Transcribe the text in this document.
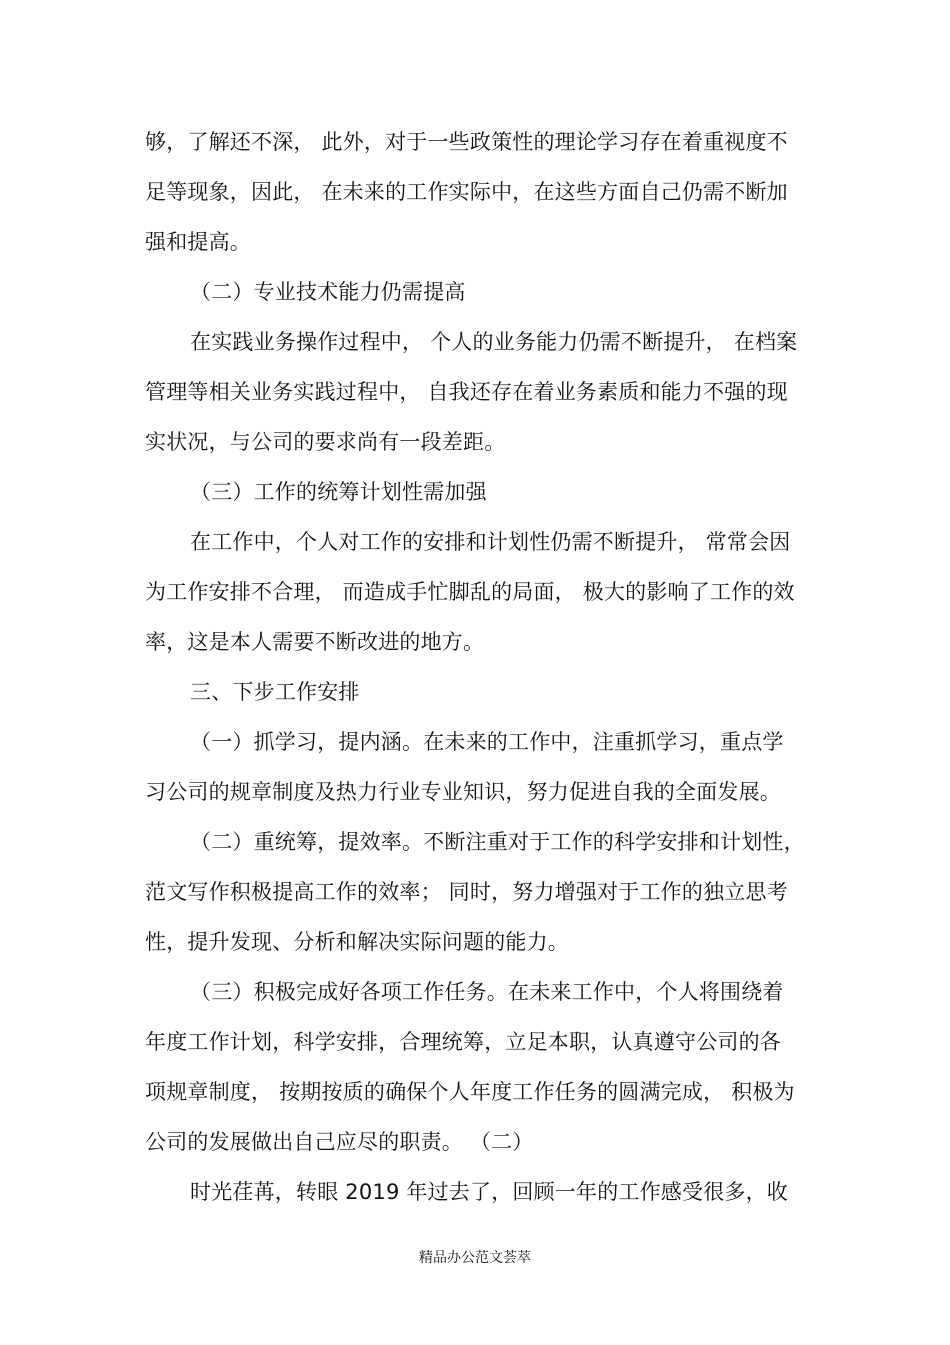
够，了解还不深， 此外，对于一些政策性的理论学习存在着重视度不

足等现象，因此， 在未来的工作实际中，在这些方面自己仍需不断加

强和提高。

（二）专业技术能力仍需提高

在实践业务操作过程中， 个人的业务能力仍需不断提升， 在档案

管理等相关业务实践过程中， 自我还存在着业务素质和能力不强的现

实状况，与公司的要求尚有一段差距。

（三）工作的统筹计划性需加强

在工作中，个人对工作的安排和计划性仍需不断提升， 常常会因

为工作安排不合理， 而造成手忙脚乱的局面， 极大的影响了工作的效

率，这是本人需要不断改进的地方。

三、下步工作安排

（一）抓学习，提内涵。在未来的工作中，注重抓学习，重点学

习公司的规章制度及热力行业专业知识，努力促进自我的全面发展。

（二）重统筹，提效率。不断注重对于工作的科学安排和计划性，

范文写作积极提高工作的效率； 同时，努力增强对于工作的独立思考

性，提升发现、分析和解决实际问题的能力。

（三）积极完成好各项工作任务。在未来工作中，个人将围绕着

年度工作计划，科学安排，合理统筹，立足本职，认真遵守公司的各

项规章制度， 按期按质的确保个人年度工作任务的圆满完成， 积极为

公司的发展做出自己应尽的职责。 （二）

时光荏苒，转眼 2019 年过去了，回顾一年的工作感受很多，收

精品办公范文荟萃
